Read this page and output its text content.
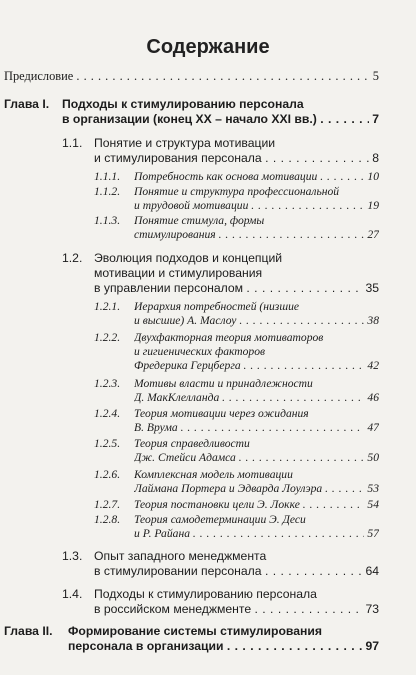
Содержание
Предисловие	5
. . .
Глава I. Подходы к стимулированию персонала
в организации (конец XX – начало XXI вв.)	7
. . .
1.1. Понятие и структура мотивации
и стимулирования персонала	8
. . .
1.1.1. Потребность как основа мотивации	10
. . .
1.1.2. Понятие и структура профессиональной
и трудовой мотивации	19
. . .
1.1.3. Понятие стимула, формы
стимулирования	27
. . .
1.2. Эволюция подходов и концепций
мотивации и стимулирования
в управлении персоналом	35
. . .
1.2.1. Иерархия потребностей (низшие
и высшие) А. Маслоу	38
. . .
1.2.2. Двухфакторная теория мотиваторов
и гигиенических факторов
Фредерика Герцберга	42
. . .
1.2.3. Мотивы власти и принадлежности
Д. МакКлелланда	46
. . .
1.2.4. Теория мотивации через ожидания
В. Врума	47
. . .
1.2.5. Теория справедливости
Дж. Стейси Адамса	50
. . .
1.2.6. Комплексная модель мотивации
Лаймана Портера и Эдварда Лоулэра	53
. . .
1.2.7. Теория постановки цели Э. Локке	54
. . .
1.2.8. Теория самодетерминации Э. Деси
и Р. Райана	57
. . .
1.3. Опыт западного менеджмента
в стимулировании персонала	64
. . .
1.4. Подходы к стимулированию персонала
в российском менеджменте	73
. . .
Глава II. Формирование системы стимулирования
персонала в организации	97
. . .
